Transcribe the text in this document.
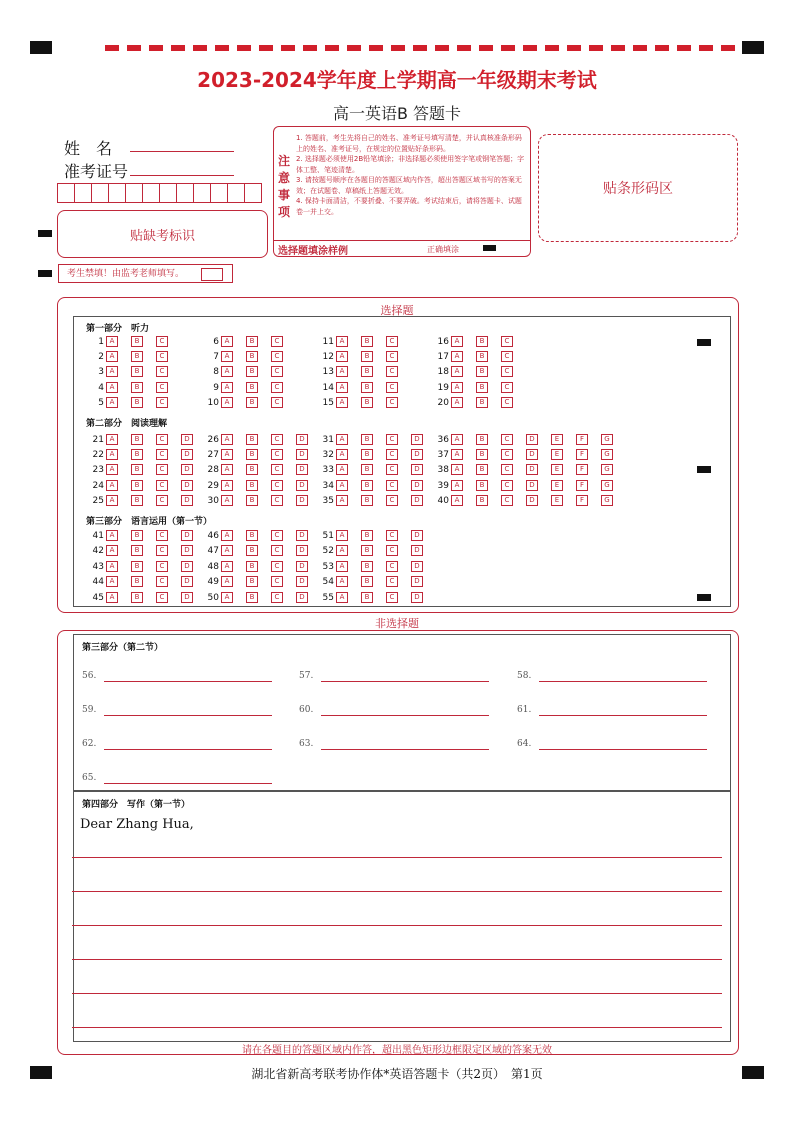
2023-2024学年度上学期高一年级期末考试
高一英语B 答题卡
姓　名
准考证号
注意事项
1. 答题前，考生先将自己的姓名、准考证号填写清楚，并认真核准条形码上的姓名、准考证号，在规定的位置贴好条形码。
2. 选择题必须使用2B铅笔填涂；非选择题必须使用签字笔或钢笔答题；字体工整、笔迹清楚。
3. 请按题号顺序在各题目的答题区域内作答，超出答题区域书写的答案无效；在试题卷、草稿纸上答题无效。
4. 保持卡面清洁，不要折叠、不要弄破。考试结束后，请将答题卡、试题卷一并上交。
选择题填涂样例	正确填涂
贴条形码区
贴缺考标识
考生禁填！由监考老师填写。
选择题
第一部分　听力
第二部分　阅读理解
第三部分　语言运用（第一节）
1 A	B	C
2 A	B	C
3 A	B	C
4 A	B	C
5 A	B	C
6 A	B	C
7 A	B	C
8 A	B	C
9 A	B	C
10 A	B	C
11 A	B	C
12 A	B	C
13 A	B	C
14 A	B	C
15 A	B	C
16 A	B	C
17 A	B	C
18 A	B	C
19 A	B	C
20 A	B	C
21 A	B	C	D
22 A	B	C	D
23 A	B	C	D
24 A	B	C	D
25 A	B	C	D
26 A	B	C	D
27 A	B	C	D
28 A	B	C	D
29 A	B	C	D
30 A	B	C	D
31 A	B	C	D
32 A	B	C	D
33 A	B	C	D
34 A	B	C	D
35 A	B	C	D
36 A	B	C	D	E	F	G
37 A	B	C	D	E	F	G
38 A	B	C	D	E	F	G
39 A	B	C	D	E	F	G
40 A	B	C	D	E	F	G
41 A	B	C	D
42 A	B	C	D
43 A	B	C	D
44 A	B	C	D
45 A	B	C	D
46 A	B	C	D
47 A	B	C	D
48 A	B	C	D
49 A	B	C	D
50 A	B	C	D
51 A	B	C	D
52 A	B	C	D
53 A	B	C	D
54 A	B	C	D
55 A	B	C	D
非选择题
第三部分（第二节）
56.	57.	58.
59.	60.	61.
62.	63.	64.
65.
第四部分　写作（第一节）
Dear Zhang Hua,
请在各题目的答题区域内作答，超出黑色矩形边框限定区域的答案无效
湖北省新高考联考协作体*英语答题卡（共2页）　第1页
